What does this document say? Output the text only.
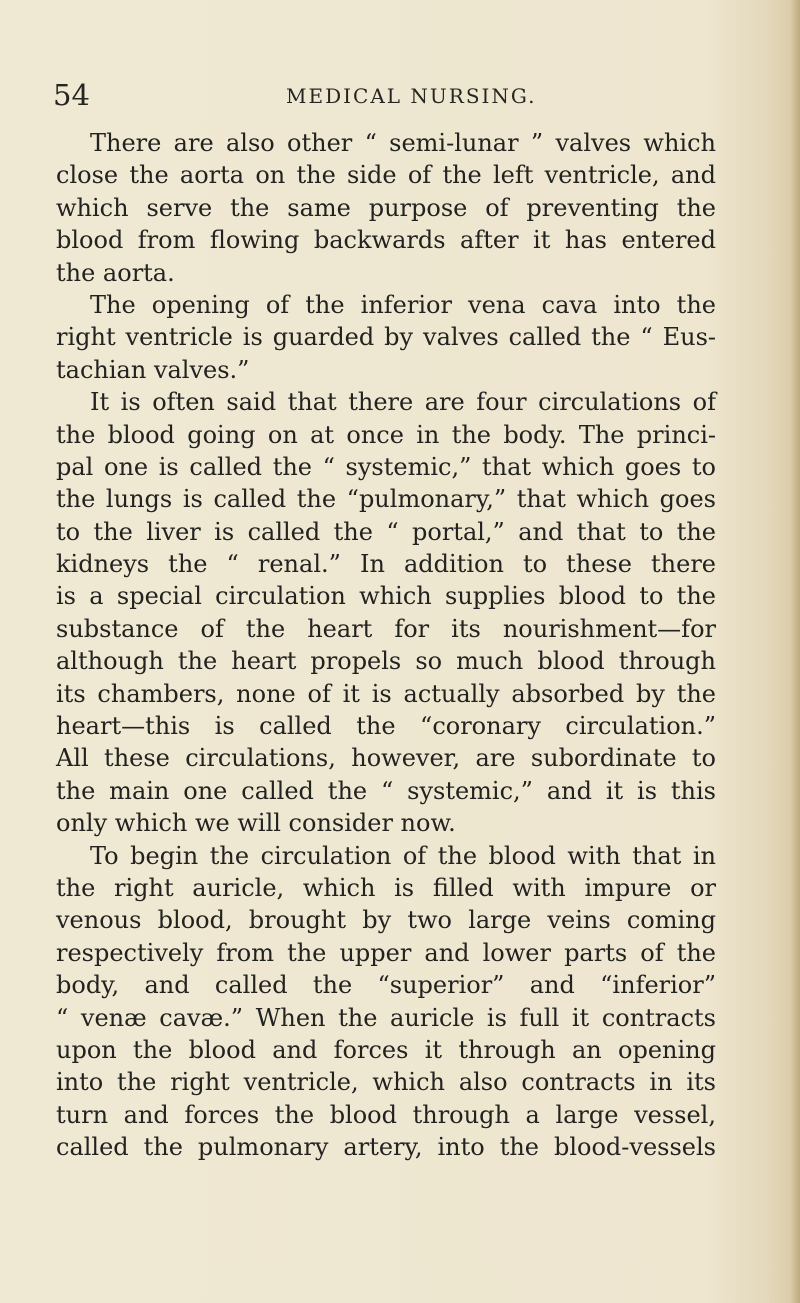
54	MEDICAL NURSING.
There are also other “ semi-lunar ” valves which
close the aorta on the side of the left ventricle, and
which serve the same purpose of preventing the
blood from flowing backwards after it has entered
the aorta.
The opening of the inferior vena cava into the
right ventricle is guarded by valves called the “ Eus-
tachian valves.”
It is often said that there are four circulations of
the blood going on at once in the body. The princi-
pal one is called the “ systemic,” that which goes to
the lungs is called the “pulmonary,” that which goes
to the liver is called the “ portal,” and that to the
kidneys the “ renal.” In addition to these there
is a special circulation which supplies blood to the
substance of the heart for its nourishment—for
although the heart propels so much blood through
its chambers, none of it is actually absorbed by the
heart—this is called the “coronary circulation.”
All these circulations, however, are subordinate to
the main one called the “ systemic,” and it is this
only which we will consider now.
To begin the circulation of the blood with that in
the right auricle, which is filled with impure or
venous blood, brought by two large veins coming
respectively from the upper and lower parts of the
body, and called the “superior” and “inferior”
“ venæ cavæ.” When the auricle is full it contracts
upon the blood and forces it through an opening
into the right ventricle, which also contracts in its
turn and forces the blood through a large vessel,
called the pulmonary artery, into the blood-vessels
